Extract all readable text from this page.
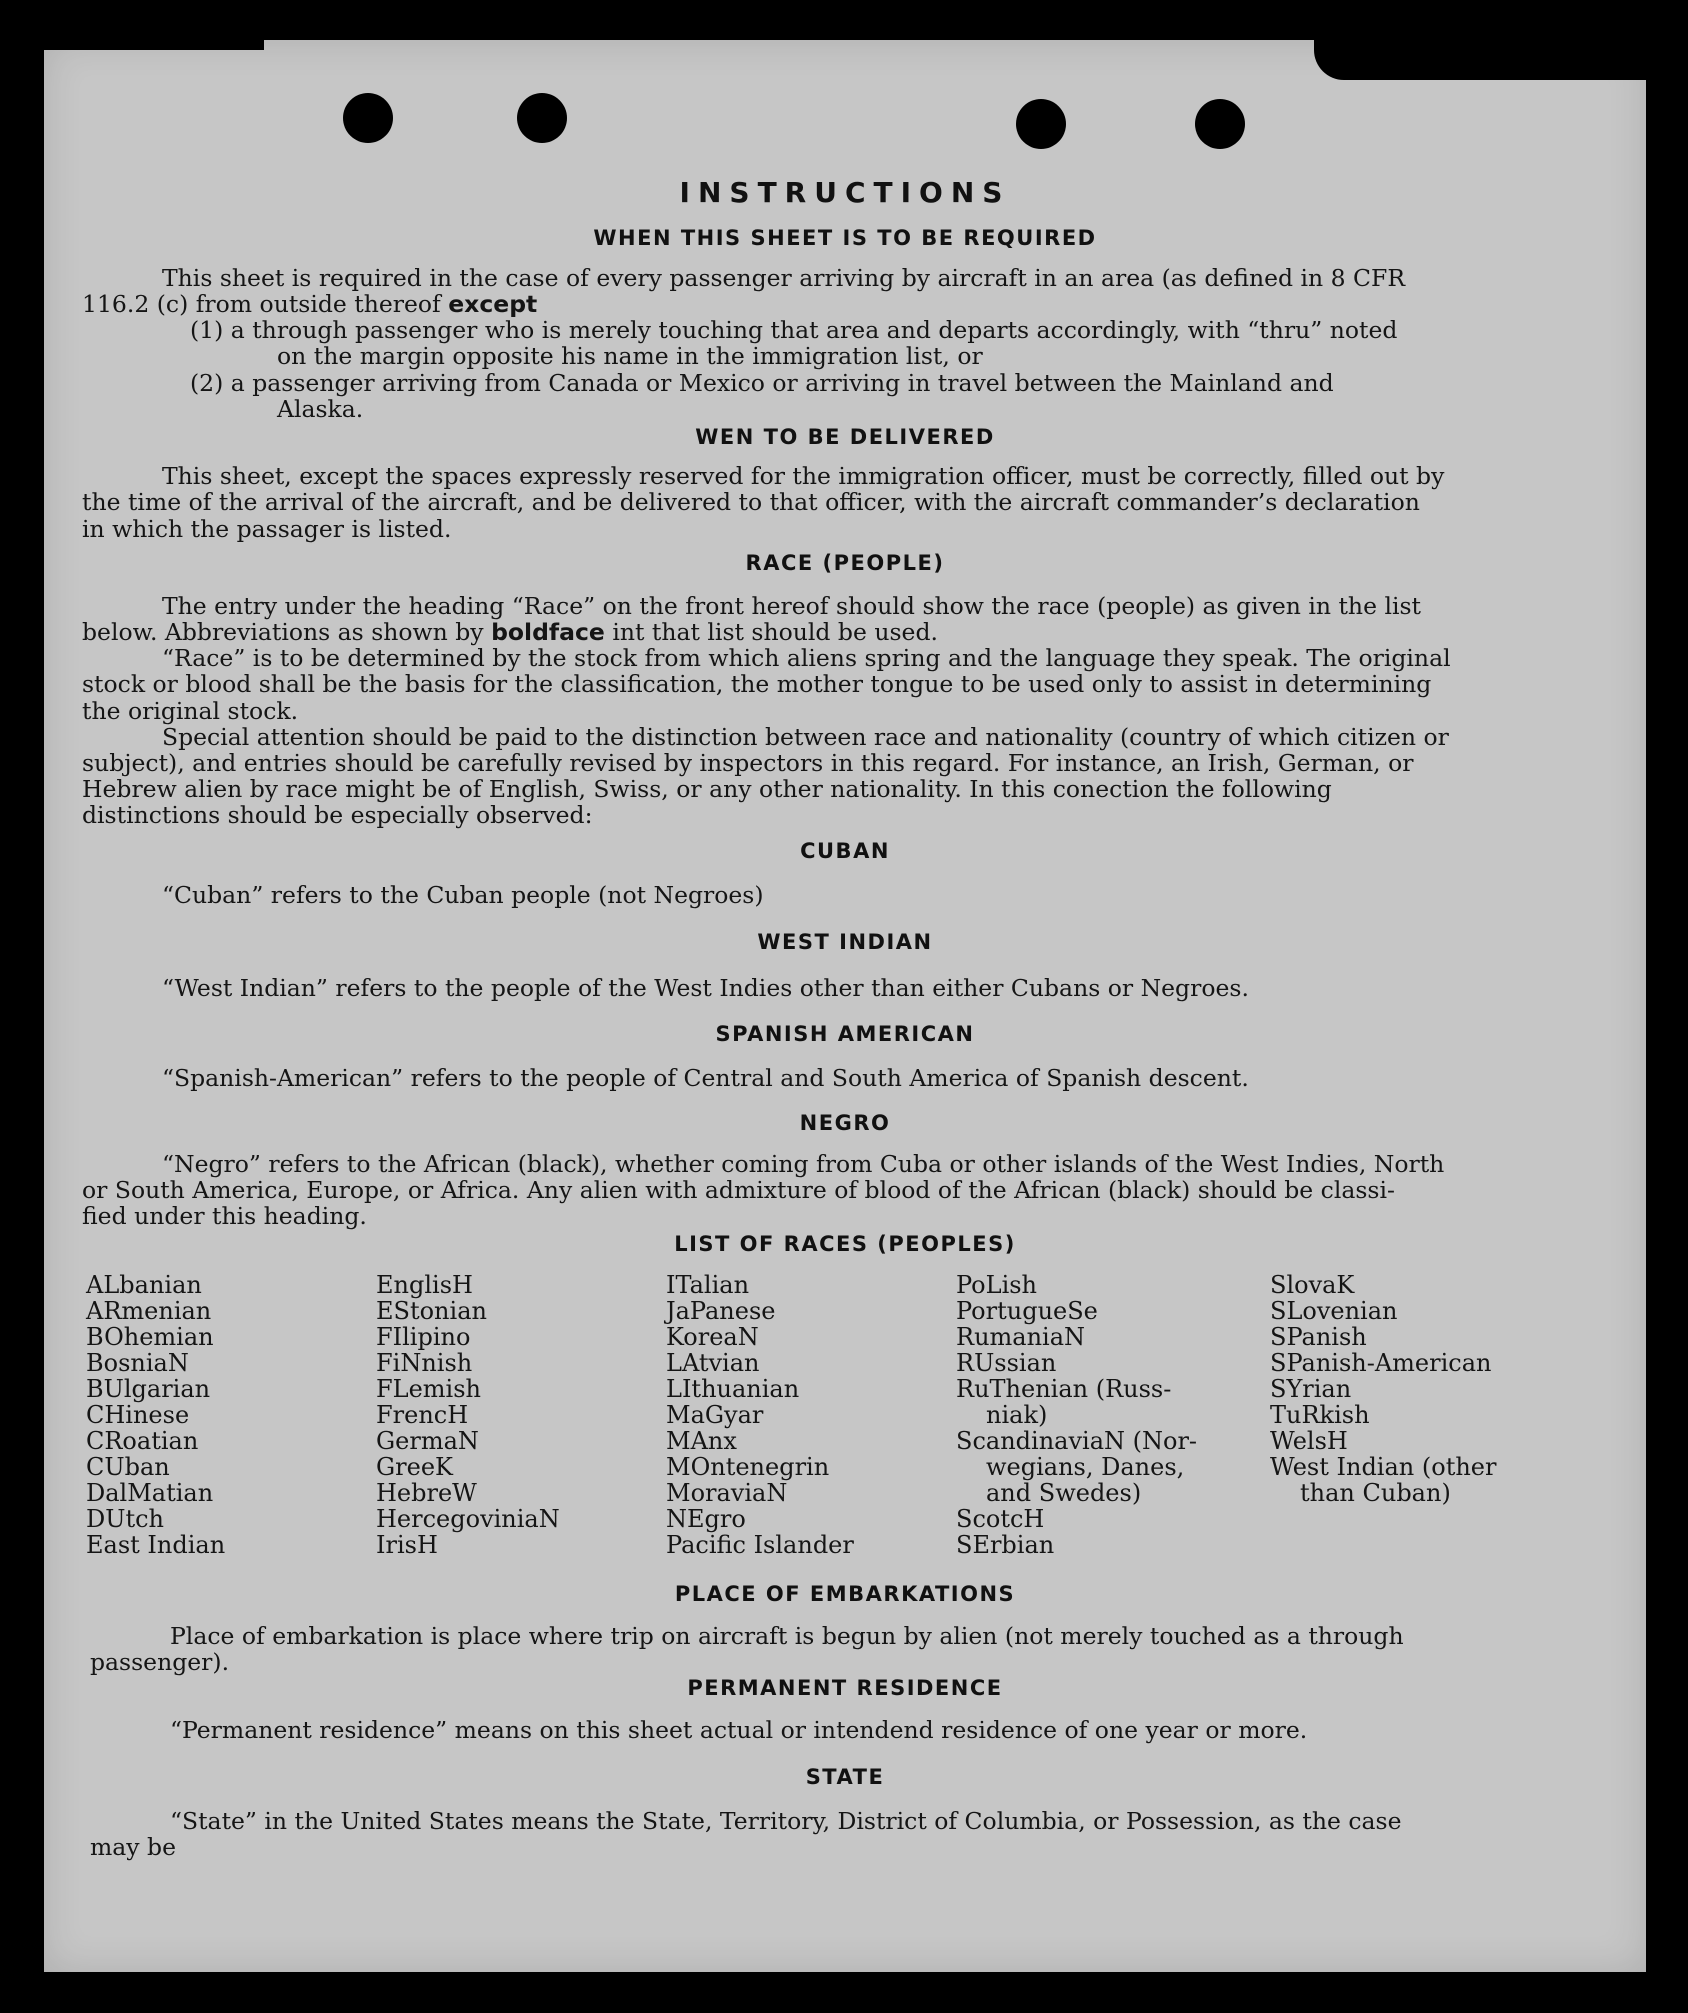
INSTRUCTIONS
WHEN THIS SHEET IS TO BE REQUIRED
This sheet is required in the case of every passenger arriving by aircraft in an area (as defined in 8 CFR
116.2 (c) from outside thereof except
(1) a through passenger who is merely touching that area and departs accordingly, with “thru” noted
on the margin opposite his name in the immigration list, or
(2) a passenger arriving from Canada or Mexico or arriving in travel between the Mainland and
Alaska.
WEN TO BE DELIVERED
This sheet, except the spaces expressly reserved for the immigration officer, must be correctly, filled out by
the time of the arrival of the aircraft, and be delivered to that officer, with the aircraft commander’s declaration
in which the passager is listed.
RACE (PEOPLE)
The entry under the heading “Race” on the front hereof should show the race (people) as given in the list
below. Abbreviations as shown by boldface int that list should be used.
“Race” is to be determined by the stock from which aliens spring and the language they speak. The original
stock or blood shall be the basis for the classification, the mother tongue to be used only to assist in determining
the original stock.
Special attention should be paid to the distinction between race and nationality (country of which citizen or
subject), and entries should be carefully revised by inspectors in this regard. For instance, an Irish, German, or
Hebrew alien by race might be of English, Swiss, or any other nationality. In this conection the following
distinctions should be especially observed:
CUBAN
“Cuban” refers to the Cuban people (not Negroes)
WEST INDIAN
“West Indian” refers to the people of the West Indies other than either Cubans or Negroes.
SPANISH AMERICAN
“Spanish-American” refers to the people of Central and South America of Spanish descent.
NEGRO
“Negro” refers to the African (black), whether coming from Cuba or other islands of the West Indies, North
or South America, Europe, or Africa. Any alien with admixture of blood of the African (black) should be classi-
fied under this heading.
LIST OF RACES (PEOPLES)
ALbanian
ARmenian
BOhemian
BosniaN
BUlgarian
CHinese
CRoatian
CUban
DalMatian
DUtch
East Indian
EnglisH
EStonian
FIlipino
FiNnish
FLemish
FrencH
GermaN
GreeK
HebreW
HercegoviniaN
IrisH
ITalian
JaPanese
KoreaN
LAtvian
LIthuanian
MaGyar
MAnx
MOntenegrin
MoraviaN
NEgro
Pacific Islander
PoLish
PortugueSe
RumaniaN
RUssian
RuThenian (Russ-
niak)
ScandinaviaN (Nor-
wegians, Danes,
and Swedes)
ScotcH
SErbian
SlovaK
SLovenian
SPanish
SPanish-American
SYrian
TuRkish
WelsH
West Indian (other
than Cuban)
PLACE OF EMBARKATIONS
Place of embarkation is place where trip on aircraft is begun by alien (not merely touched as a through
passenger).
PERMANENT RESIDENCE
“Permanent residence” means on this sheet actual or intendend residence of one year or more.
STATE
“State” in the United States means the State, Territory, District of Columbia, or Possession, as the case
may be
